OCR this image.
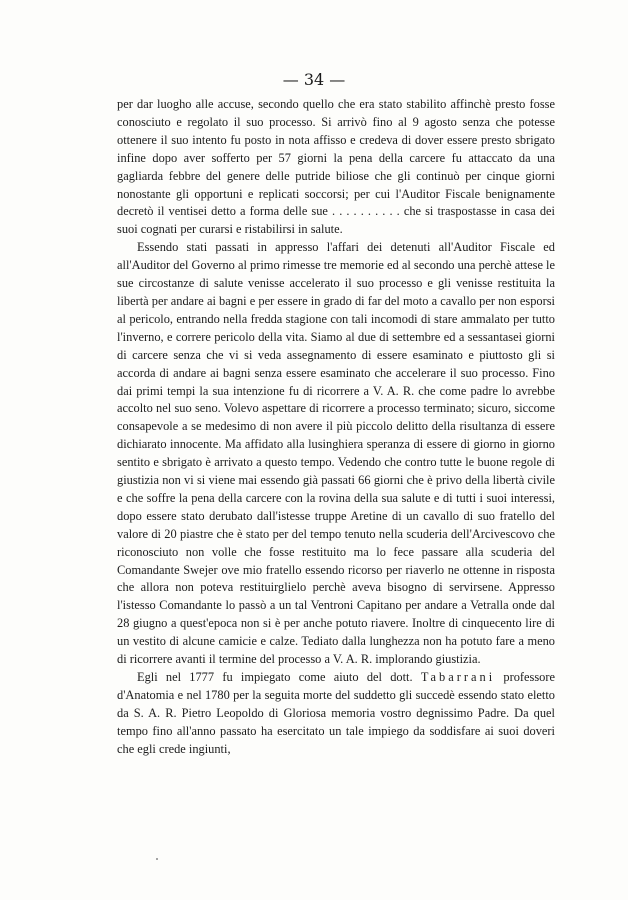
— 34 —

per dar luogho alle accuse, secondo quello che era stato stabilito affinchè presto fosse conosciuto e regolato il suo processo. Si arrivò fino al 9 agosto senza che potesse ottenere il suo intento fu posto in nota affisso e credeva di dover essere presto sbrigato infine dopo aver sofferto per 57 giorni la pena della carcere fu attaccato da una gagliarda febbre del genere delle putride biliose che gli continuò per cinque giorni nonostante gli opportuni e replicati soccorsi; per cui l'Auditor Fiscale benignamente decretò il ventisei detto a forma delle sue . . . . . . . . . . che si traspostasse in casa dei suoi cognati per curarsi e ristabilirsi in salute.

Essendo stati passati in appresso l'affari dei detenuti all'Auditor Fiscale ed all'Auditor del Governo al primo rimesse tre memorie ed al secondo una perchè attese le sue circostanze di salute venisse accelerato il suo processo e gli venisse restituita la libertà per andare ai bagni e per essere in grado di far del moto a cavallo per non esporsi al pericolo, entrando nella fredda stagione con tali incomodi di stare ammalato per tutto l'inverno, e correre pericolo della vita. Siamo al due di settembre ed a sessantasei giorni di carcere senza che vi si veda assegnamento di essere esaminato e piuttosto gli si accorda di andare ai bagni senza essere esaminato che accelerare il suo processo. Fino dai primi tempi la sua intenzione fu di ricorrere a V. A. R. che come padre lo avrebbe accolto nel suo seno. Volevo aspettare di ricorrere a processo terminato; sicuro, siccome consapevole a se medesimo di non avere il più piccolo delitto della risultanza di essere dichiarato innocente. Ma affidato alla lusinghiera speranza di essere di giorno in giorno sentito e sbrigato è arrivato a questo tempo. Vedendo che contro tutte le buone regole di giustizia non vi si viene mai essendo già passati 66 giorni che è privo della libertà civile e che soffre la pena della carcere con la rovina della sua salute e di tutti i suoi interessi, dopo essere stato derubato dall'istesse truppe Aretine di un cavallo di suo fratello del valore di 20 piastre che è stato per del tempo tenuto nella scuderia dell'Arcivescovo che riconosciuto non volle che fosse restituito ma lo fece passare alla scuderia del Comandante Swejer ove mio fratello essendo ricorso per riaverlo ne ottenne in risposta che allora non poteva restituirglielo perchè aveva bisogno di servirsene. Appresso l'istesso Comandante lo passò a un tal Ventroni Capitano per andare a Vetralla onde dal 28 giugno a quest'epoca non si è per anche potuto riavere. Inoltre di cinquecento lire di un vestito di alcune camicie e calze. Tediato dalla lunghezza non ha potuto fare a meno di ricorrere avanti il termine del processo a V. A. R. implorando giustizia.

Egli nel 1777 fu impiegato come aiuto del dott. Tabarrani professore d'Anatomia e nel 1780 per la seguita morte del suddetto gli succedè essendo stato eletto da S. A. R. Pietro Leopoldo di Gloriosa memoria vostro degnissimo Padre. Da quel tempo fino all'anno passato ha esercitato un tale impiego da soddisfare ai suoi doveri che egli crede ingiunti,
